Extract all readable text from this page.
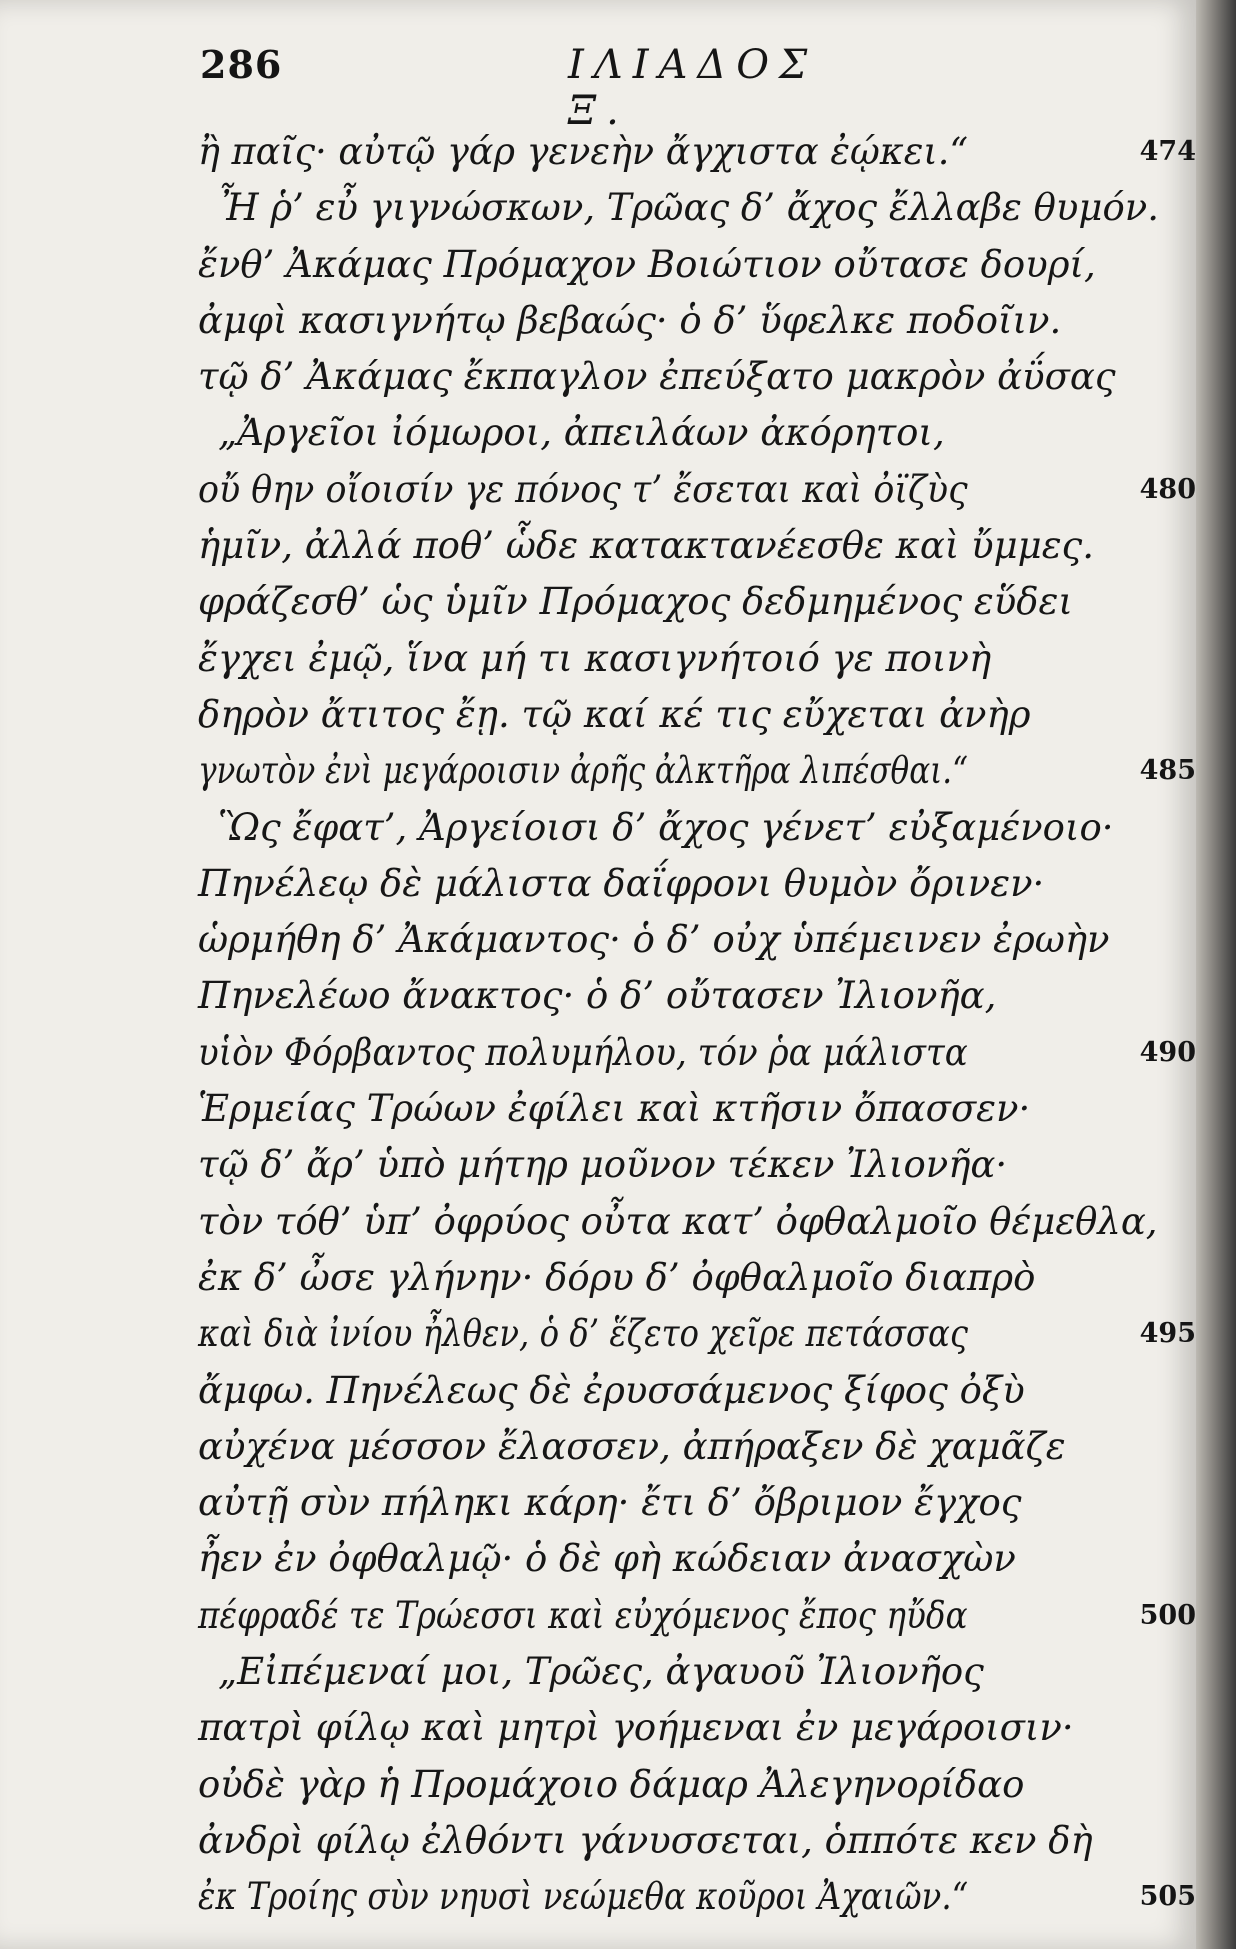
286	ΙΛΙΑΔΟΣ Ξ.
ἢ παῖς· αὐτῷ γάρ γενεὴν ἄγχιστα ἐῴκει.“	474
Ἦ ῥ’ εὖ γιγνώσκων, Τρῶας δ’ ἄχος ἔλλαβε θυμόν.
ἔνθ’ Ἀκάμας Πρόμαχον Βοιώτιον οὔτασε δουρί,
ἀμφὶ κασιγνήτῳ βεβαώς· ὁ δ’ ὕφελκε ποδοῖιν.
τῷ δ’ Ἀκάμας ἔκπαγλον ἐπεύξατο μακρὸν ἀΰσας
„Ἀργεῖοι ἰόμωροι, ἀπειλάων ἀκόρητοι,
οὔ θην οἴοισίν γε πόνος τ’ ἔσεται καὶ ὀϊζὺς	480
ἡμῖν, ἀλλά ποθ’ ὧδε κατακτανέεσθε καὶ ὔμμες.
φράζεσθ’ ὡς ὑμῖν Πρόμαχος δεδμημένος εὕδει
ἔγχει ἐμῷ, ἵνα μή τι κασιγνήτοιό γε ποινὴ
δηρὸν ἄτιτος ἔῃ. τῷ καί κέ τις εὔχεται ἀνὴρ
γνωτὸν ἐνὶ μεγάροισιν ἀρῆς ἀλκτῆρα λιπέσθαι.“	485
Ὣς ἔφατ’, Ἀργείοισι δ’ ἄχος γένετ’ εὐξαμένοιο·
Πηνέλεῳ δὲ μάλιστα δαΐφρονι θυμὸν ὄρινεν·
ὡρμήθη δ’ Ἀκάμαντος· ὁ δ’ οὐχ ὑπέμεινεν ἐρωὴν
Πηνελέωο ἄνακτος· ὁ δ’ οὔτασεν Ἰλιονῆα,
υἱὸν Φόρβαντος πολυμήλου, τόν ῥα μάλιστα	490
Ἑρμείας Τρώων ἐφίλει καὶ κτῆσιν ὄπασσεν·
τῷ δ’ ἄρ’ ὑπὸ μήτηρ μοῦνον τέκεν Ἰλιονῆα·
τὸν τόθ’ ὑπ’ ὀφρύος οὖτα κατ’ ὀφθαλμοῖο θέμεθλα,
ἐκ δ’ ὦσε γλήνην· δόρυ δ’ ὀφθαλμοῖο διαπρὸ
καὶ διὰ ἰνίου ἦλθεν, ὁ δ’ ἕζετο χεῖρε πετάσσας	495
ἄμφω. Πηνέλεως δὲ ἐρυσσάμενος ξίφος ὀξὺ
αὐχένα μέσσον ἔλασσεν, ἀπήραξεν δὲ χαμᾶζε
αὐτῇ σὺν πήληκι κάρη· ἔτι δ’ ὄβριμον ἔγχος
ἦεν ἐν ὀφθαλμῷ· ὁ δὲ φὴ κώδειαν ἀνασχὼν
πέφραδέ τε Τρώεσσι καὶ εὐχόμενος ἔπος ηὔδα	500
„Εἰπέμεναί μοι, Τρῶες, ἀγαυοῦ Ἰλιονῆος
πατρὶ φίλῳ καὶ μητρὶ γοήμεναι ἐν μεγάροισιν·
οὐδὲ γὰρ ἡ Προμάχοιο δάμαρ Ἀλεγηνορίδαο
ἀνδρὶ φίλῳ ἐλθόντι γάνυσσεται, ὁππότε κεν δὴ
ἐκ Τροίης σὺν νηυσὶ νεώμεθα κοῦροι Ἀχαιῶν.“	505
